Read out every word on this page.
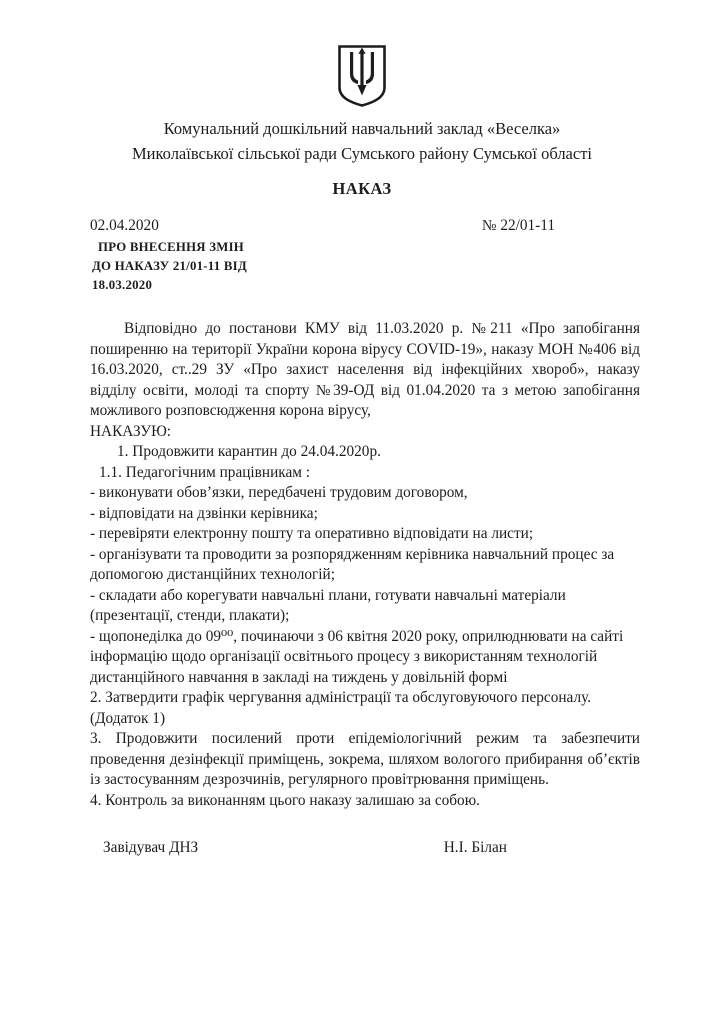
Комунальний дошкільний навчальний заклад «Веселка»
Миколаївської сільської ради Сумського району Сумської області
НАКАЗ
02.04.2020	№ 22/01-11
ПРО ВНЕСЕННЯ ЗМІН
ДО НАКАЗУ 21/01-11 ВІД
18.03.2020

Відповідно до постанови КМУ від 11.03.2020 р. №211 «Про запобігання поширенню на території України корона вірусу COVID-19», наказу МОН №406 від 16.03.2020, ст..29 ЗУ «Про захист населення від інфекційних хвороб», наказу відділу освіти, молоді та спорту №39-ОД від 01.04.2020 та з метою запобігання можливого розповсюдження корона вірусу,

НАКАЗУЮ:

1. Продовжити карантин до 24.04.2020р.

1.1. Педагогічним працівникам :

- виконувати обов’язки, передбачені трудовим договором,

- відповідати на дзвінки керівника;

- перевіряти електронну пошту та оперативно відповідати на листи;

- організувати та проводити за розпорядженням керівника навчальний процес за допомогою дистанційних технологій;

- складати або корегувати навчальні плани, готувати навчальні матеріали (презентації, стенди, плакати);

- щопонеділка до 09⁰⁰, починаючи з 06 квітня 2020 року, оприлюднювати на сайті інформацію щодо організації освітнього процесу з використанням технологій дистанційного навчання в закладі на тиждень у довільній формі

2. Затвердити графік чергування адміністрації та обслуговуючого персоналу.

(Додаток 1)

3. Продовжити посилений проти епідеміологічний режим та забезпечити проведення дезінфекції приміщень, зокрема, шляхом вологого прибирання об’єктів із застосуванням дезрозчинів, регулярного провітрювання приміщень.

4. Контроль за виконанням цього наказу залишаю за собою.

Завідувач ДНЗ	Н.І. Білан
